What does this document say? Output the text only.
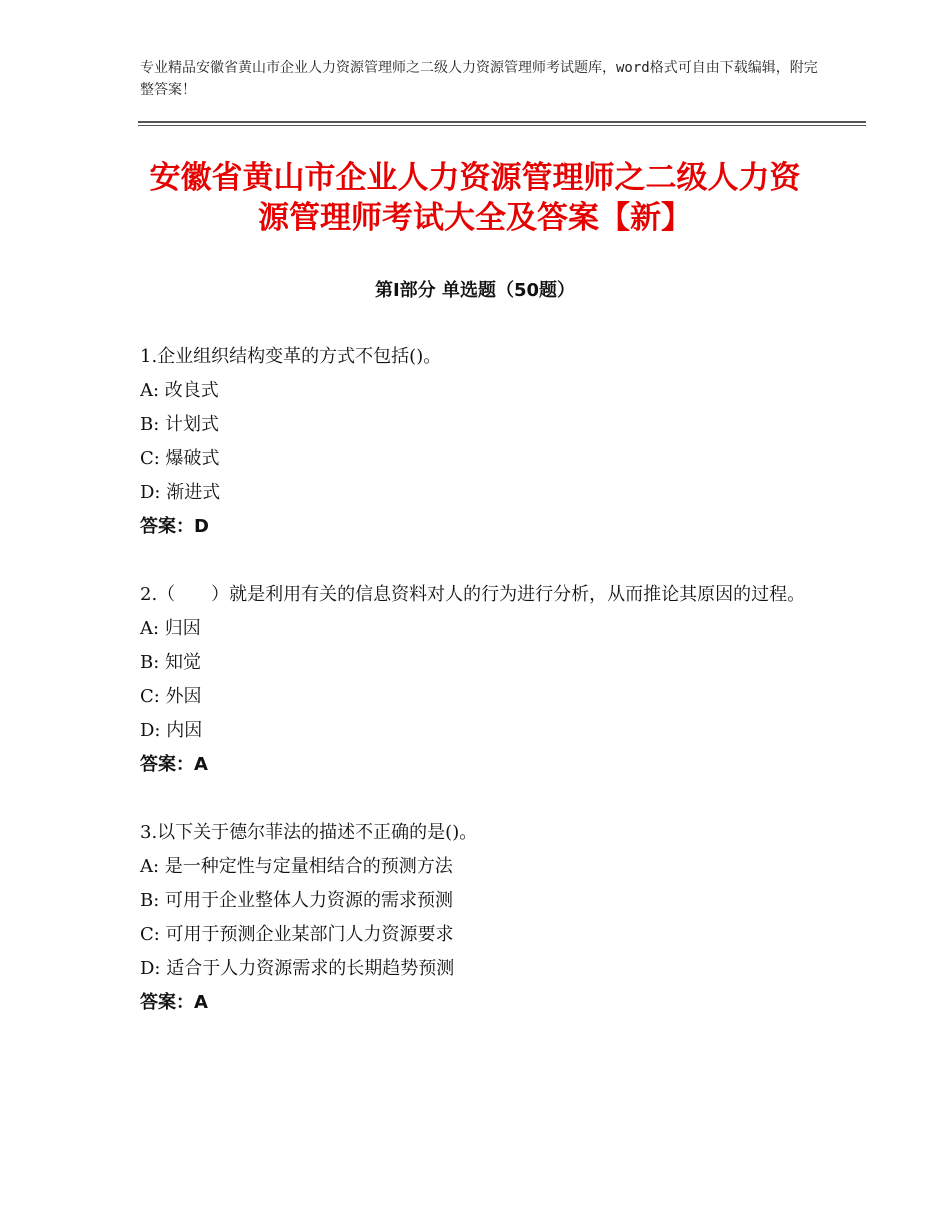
专业精品安徽省黄山市企业人力资源管理师之二级人力资源管理师考试题库，word格式可自由下载编辑，附完整答案！
安徽省黄山市企业人力资源管理师之二级人力资源管理师考试大全及答案【新】
第Ⅰ部分 单选题（50题）
1.企业组织结构变革的方式不包括()。
A: 改良式
B: 计划式
C: 爆破式
D: 渐进式
答案：D
2.（　　）就是利用有关的信息资料对人的行为进行分析，从而推论其原因的过程。
A: 归因
B: 知觉
C: 外因
D: 内因
答案：A
3.以下关于德尔菲法的描述不正确的是()。
A: 是一种定性与定量相结合的预测方法
B: 可用于企业整体人力资源的需求预测
C: 可用于预测企业某部门人力资源要求
D: 适合于人力资源需求的长期趋势预测
答案：A
